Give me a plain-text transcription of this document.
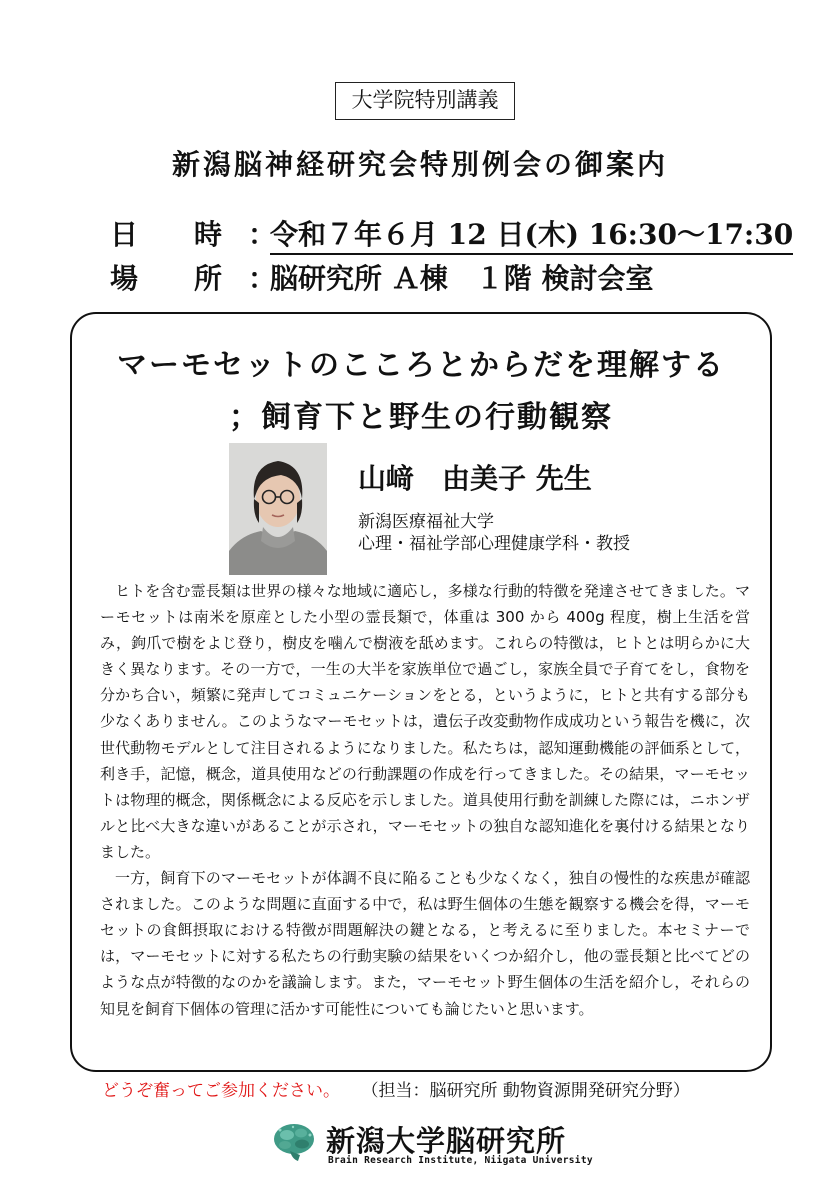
大学院特別講義
新潟脳神経研究会特別例会の御案内
日　　時 ：令和７年６月 12 日(木) 16:30〜17:30
場　　所 ：脳研究所 Ａ棟　１階 検討会室
マーモセットのこころとからだを理解する
；飼育下と野生の行動観察
山﨑　由美子 先生
新潟医療福祉大学
心理・福祉学部心理健康学科・教授

ヒトを含む霊長類は世界の様々な地域に適応し，多様な行動的特徴を発達させてきました。マーモセットは南米を原産とした小型の霊長類で，体重は 300 から 400g 程度，樹上生活を営み，鉤爪で樹をよじ登り，樹皮を噛んで樹液を舐めます。これらの特徴は，ヒトとは明らかに大きく異なります。その一方で，一生の大半を家族単位で過ごし，家族全員で子育てをし，食物を分かち合い，頻繁に発声してコミュニケーションをとる，というように，ヒトと共有する部分も少なくありません。このようなマーモセットは，遺伝子改変動物作成成功という報告を機に，次世代動物モデルとして注目されるようになりました。私たちは，認知運動機能の評価系として，利き手，記憶，概念，道具使用などの行動課題の作成を行ってきました。その結果，マーモセットは物理的概念，関係概念による反応を示しました。道具使用行動を訓練した際には，ニホンザルと比べ大きな違いがあることが示され，マーモセットの独自な認知進化を裏付ける結果となりました。

一方，飼育下のマーモセットが体調不良に陥ることも少なくなく，独自の慢性的な疾患が確認されました。このような問題に直面する中で，私は野生個体の生態を観察する機会を得，マーモセットの食餌摂取における特徴が問題解決の鍵となる，と考えるに至りました。本セミナーでは，マーモセットに対する私たちの行動実験の結果をいくつか紹介し，他の霊長類と比べてどのような点が特徴的なのかを議論します。また，マーモセット野生個体の生活を紹介し，それらの知見を飼育下個体の管理に活かす可能性についても論じたいと思います。

どうぞ奮ってご参加ください。 （担当：脳研究所 動物資源開発研究分野）
新潟大学脳研究所
Brain Research Institute, Niigata University
